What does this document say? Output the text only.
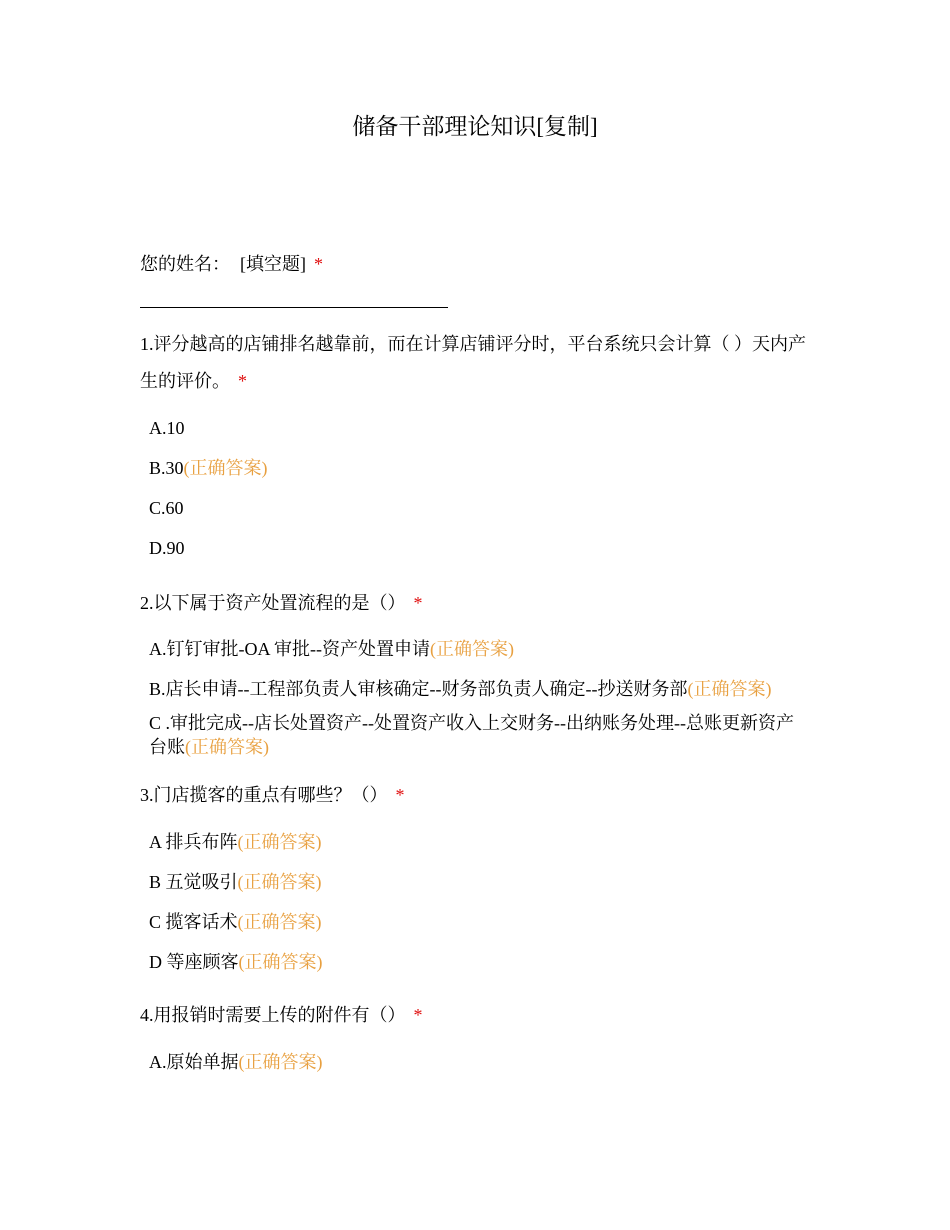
储备干部理论知识[复制]
您的姓名： [填空题] *
1.评分越高的店铺排名越靠前，而在计算店铺评分时，平台系统只会计算（ ）天内产生的评价。 *
A.10
B.30(正确答案)
C.60
D.90
2.以下属于资产处置流程的是（） *
A.钉钉审批-OA 审批--资产处置申请(正确答案)
B.店长申请--工程部负责人审核确定--财务部负责人确定--抄送财务部(正确答案)
C .审批完成--店长处置资产--处置资产收入上交财务--出纳账务处理--总账更新资产台账(正确答案)
3.门店揽客的重点有哪些？（） *
A 排兵布阵(正确答案)
B 五觉吸引(正确答案)
C 揽客话术(正确答案)
D 等座顾客(正确答案)
4.用报销时需要上传的附件有（） *
A.原始单据(正确答案)
